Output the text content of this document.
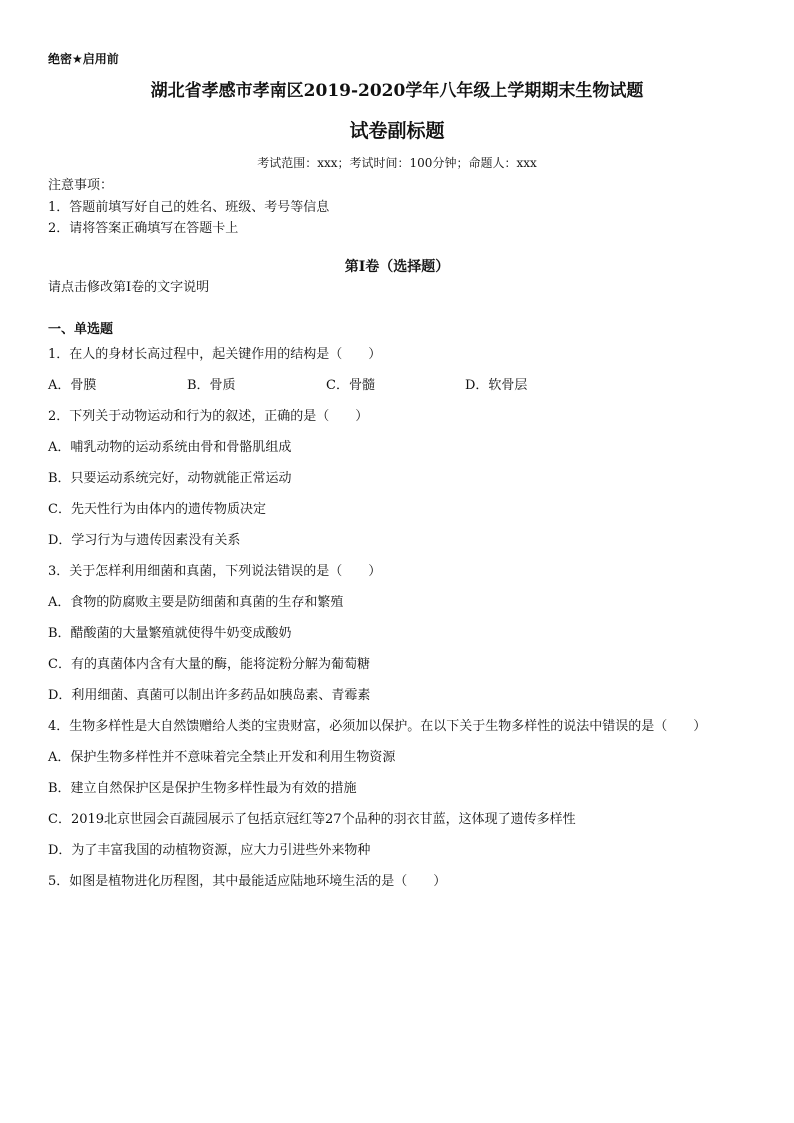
绝密★启用前
湖北省孝感市孝南区2019-2020学年八年级上学期期末生物试题
试卷副标题
考试范围：xxx；考试时间：100分钟；命题人：xxx
注意事项：
1．答题前填写好自己的姓名、班级、考号等信息
2．请将答案正确填写在答题卡上
第I卷（选择题）
请点击修改第I卷的文字说明
一、单选题
1．在人的身材长高过程中，起关键作用的结构是（　　）
A．骨膜	B．骨质	C．骨髓	D．软骨层
2．下列关于动物运动和行为的叙述，正确的是（　　）
A．哺乳动物的运动系统由骨和骨骼肌组成
B．只要运动系统完好，动物就能正常运动
C．先天性行为由体内的遗传物质决定
D．学习行为与遗传因素没有关系
3．关于怎样利用细菌和真菌，下列说法错误的是（　　）
A．食物的防腐败主要是防细菌和真菌的生存和繁殖
B．醋酸菌的大量繁殖就使得牛奶变成酸奶
C．有的真菌体内含有大量的酶，能将淀粉分解为葡萄糖
D．利用细菌、真菌可以制出许多药品如胰岛素、青霉素
4．生物多样性是大自然馈赠给人类的宝贵财富，必须加以保护。在以下关于生物多样性的说法中错误的是（　　）
A．保护生物多样性并不意味着完全禁止开发和利用生物资源
B．建立自然保护区是保护生物多样性最为有效的措施
C．2019北京世园会百蔬园展示了包括京冠红等27个品种的羽衣甘蓝，这体现了遗传多样性
D．为了丰富我国的动植物资源，应大力引进些外来物种
5．如图是植物进化历程图，其中最能适应陆地环境生活的是（　　）
